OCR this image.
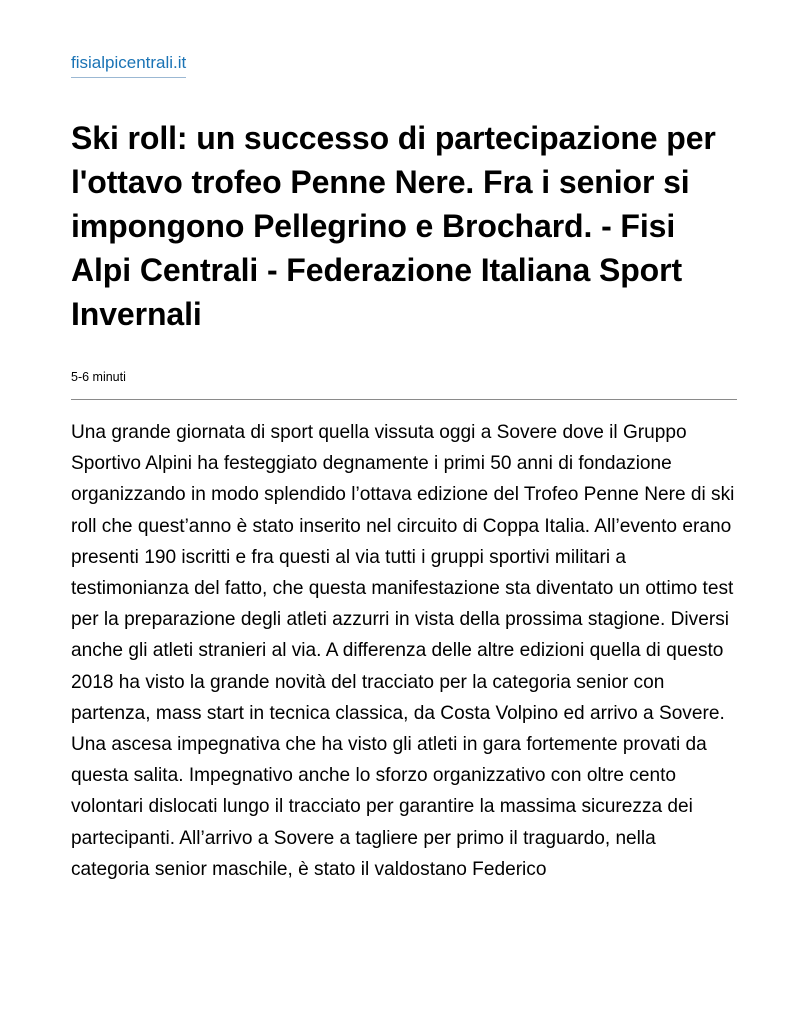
fisialpicentrali.it
Ski roll: un successo di partecipazione per l'ottavo trofeo Penne Nere. Fra i senior si impongono Pellegrino e Brochard. - Fisi Alpi Centrali - Federazione Italiana Sport Invernali
5-6 minuti

Una grande giornata di sport quella vissuta oggi a Sovere dove il Gruppo Sportivo Alpini ha festeggiato degnamente i primi 50 anni di fondazione organizzando in modo splendido l’ottava edizione del Trofeo Penne Nere di ski roll che quest’anno è stato inserito nel circuito di Coppa Italia. All’evento erano presenti 190 iscritti e fra questi al via tutti i gruppi sportivi militari a testimonianza del fatto, che questa manifestazione sta diventato un ottimo test per la preparazione degli atleti azzurri in vista della prossima stagione. Diversi anche gli atleti stranieri al via. A differenza delle altre edizioni quella di questo 2018 ha visto la grande novità del tracciato per la categoria senior con partenza, mass start in tecnica classica, da Costa Volpino ed arrivo a Sovere. Una ascesa impegnativa che ha visto gli atleti in gara fortemente provati da questa salita. Impegnativo anche lo sforzo organizzativo con oltre cento volontari dislocati lungo il tracciato per garantire la massima sicurezza dei partecipanti. All’arrivo a Sovere a tagliere per primo il traguardo, nella categoria senior maschile, è stato il valdostano Federico
